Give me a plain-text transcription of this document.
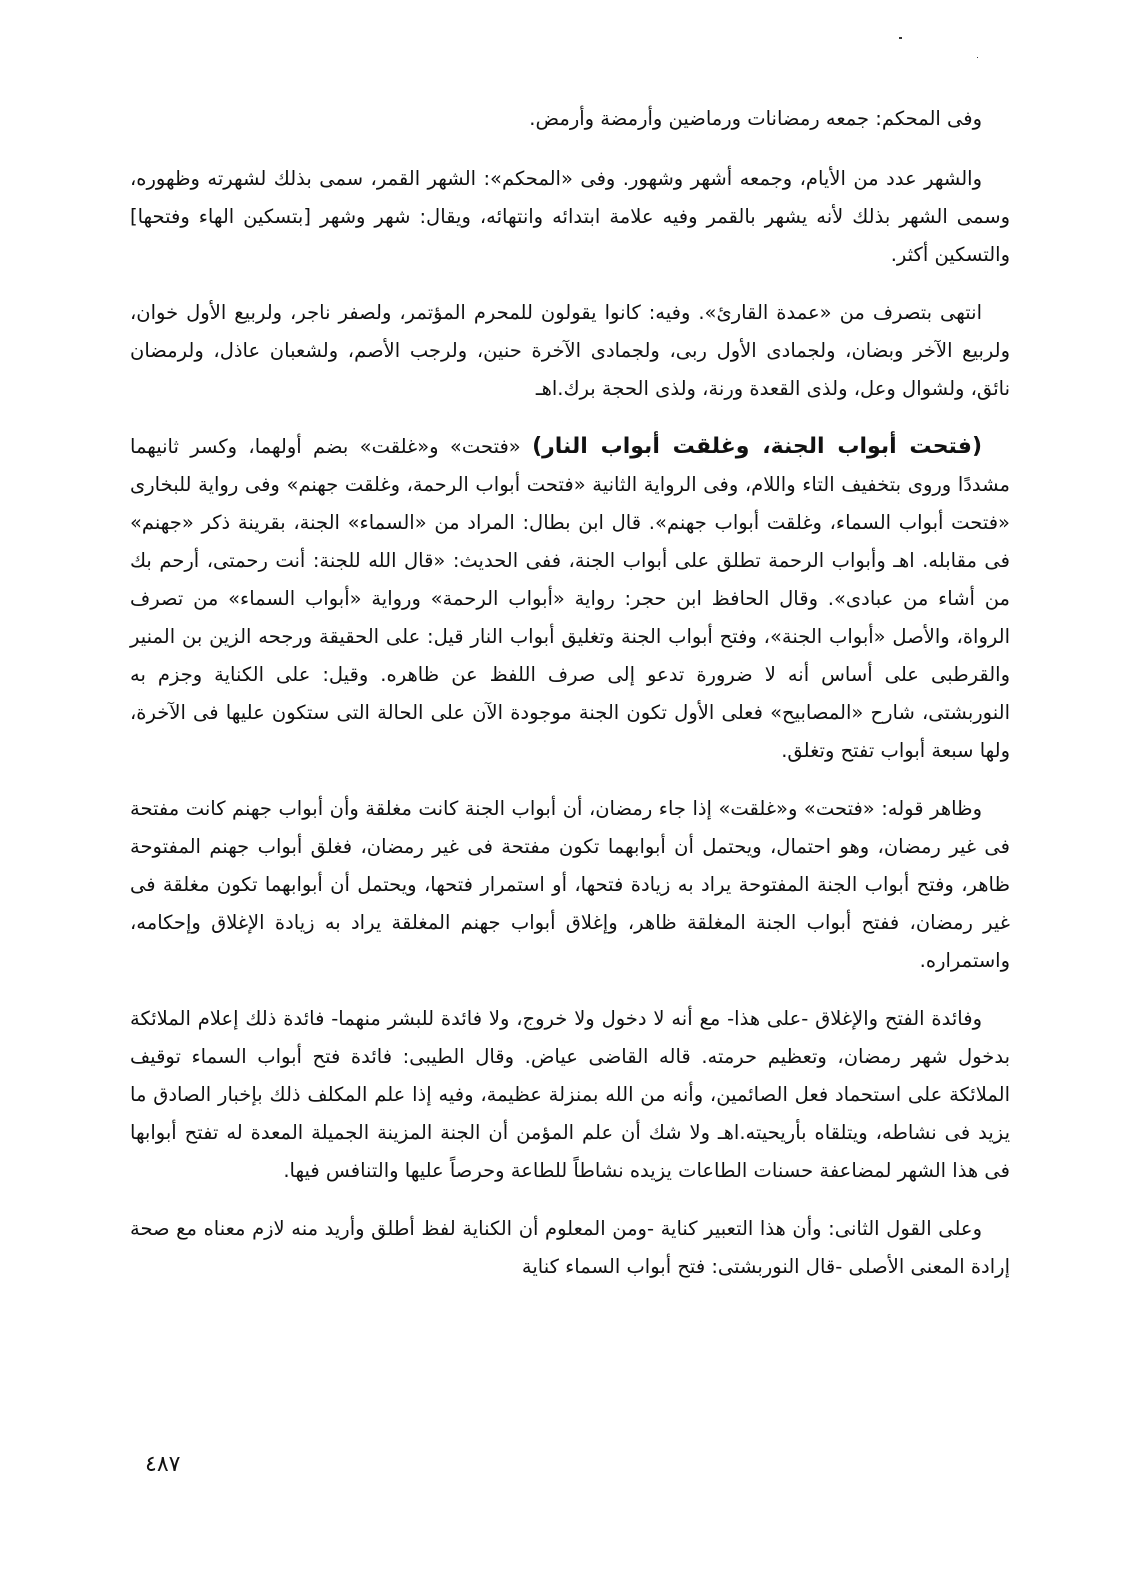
وفى المحكم: جمعه رمضانات ورماضين وأرمضة وأرمض.

والشهر عدد من الأيام، وجمعه أشهر وشهور. وفى «المحكم»: الشهر القمر، سمى بذلك لشهرته وظهوره، وسمى الشهر بذلك لأنه يشهر بالقمر وفيه علامة ابتدائه وانتهائه، ويقال: شهر وشهر [بتسكين الهاء وفتحها] والتسكين أكثر.

انتهى بتصرف من «عمدة القارئ». وفيه: كانوا يقولون للمحرم المؤتمر، ولصفر ناجر، ولربيع الأول خوان، ولربيع الآخر وبضان، ولجمادى الأول ربى، ولجمادى الآخرة حنين، ولرجب الأصم، ولشعبان عاذل، ولرمضان نائق، ولشوال وعل، ولذى القعدة ورنة، ولذى الحجة برك.اهـ

(فتحت أبواب الجنة، وغلقت أبواب النار) «فتحت» و«غلقت» بضم أولهما، وكسر ثانيهما مشددًا وروى بتخفيف التاء واللام، وفى الرواية الثانية «فتحت أبواب الرحمة، وغلقت جهنم» وفى رواية للبخارى «فتحت أبواب السماء، وغلقت أبواب جهنم». قال ابن بطال: المراد من «السماء» الجنة، بقرينة ذكر «جهنم» فى مقابله. اهـ وأبواب الرحمة تطلق على أبواب الجنة، ففى الحديث: «قال الله للجنة: أنت رحمتى، أرحم بك من أشاء من عبادى». وقال الحافظ ابن حجر: رواية «أبواب الرحمة» ورواية «أبواب السماء» من تصرف الرواة، والأصل «أبواب الجنة»، وفتح أبواب الجنة وتغليق أبواب النار قيل: على الحقيقة ورجحه الزين بن المنير والقرطبى على أساس أنه لا ضرورة تدعو إلى صرف اللفظ عن ظاهره. وقيل: على الكناية وجزم به النوربشتى، شارح «المصابيح» فعلى الأول تكون الجنة موجودة الآن على الحالة التى ستكون عليها فى الآخرة، ولها سبعة أبواب تفتح وتغلق.

وظاهر قوله: «فتحت» و«غلقت» إذا جاء رمضان، أن أبواب الجنة كانت مغلقة وأن أبواب جهنم كانت مفتحة فى غير رمضان، وهو احتمال، ويحتمل أن أبوابهما تكون مفتحة فى غير رمضان، فغلق أبواب جهنم المفتوحة ظاهر، وفتح أبواب الجنة المفتوحة يراد به زيادة فتحها، أو استمرار فتحها، ويحتمل أن أبوابهما تكون مغلقة فى غير رمضان، ففتح أبواب الجنة المغلقة ظاهر، وإغلاق أبواب جهنم المغلقة يراد به زيادة الإغلاق وإحكامه، واستمراره.

وفائدة الفتح والإغلاق -على هذا- مع أنه لا دخول ولا خروج، ولا فائدة للبشر منهما- فائدة ذلك إعلام الملائكة بدخول شهر رمضان، وتعظيم حرمته. قاله القاضى عياض. وقال الطيبى: فائدة فتح أبواب السماء توقيف الملائكة على استحماد فعل الصائمين، وأنه من الله بمنزلة عظيمة، وفيه إذا علم المكلف ذلك بإخبار الصادق ما يزيد فى نشاطه، ويتلقاه بأريحيته.اهـ ولا شك أن علم المؤمن أن الجنة المزينة الجميلة المعدة له تفتح أبوابها فى هذا الشهر لمضاعفة حسنات الطاعات يزيده نشاطاً للطاعة وحرصاً عليها والتنافس فيها.

وعلى القول الثانى: وأن هذا التعبير كناية -ومن المعلوم أن الكناية لفظ أطلق وأريد منه لازم معناه مع صحة إرادة المعنى الأصلى -قال النوربشتى: فتح أبواب السماء كناية

٤٨٧
